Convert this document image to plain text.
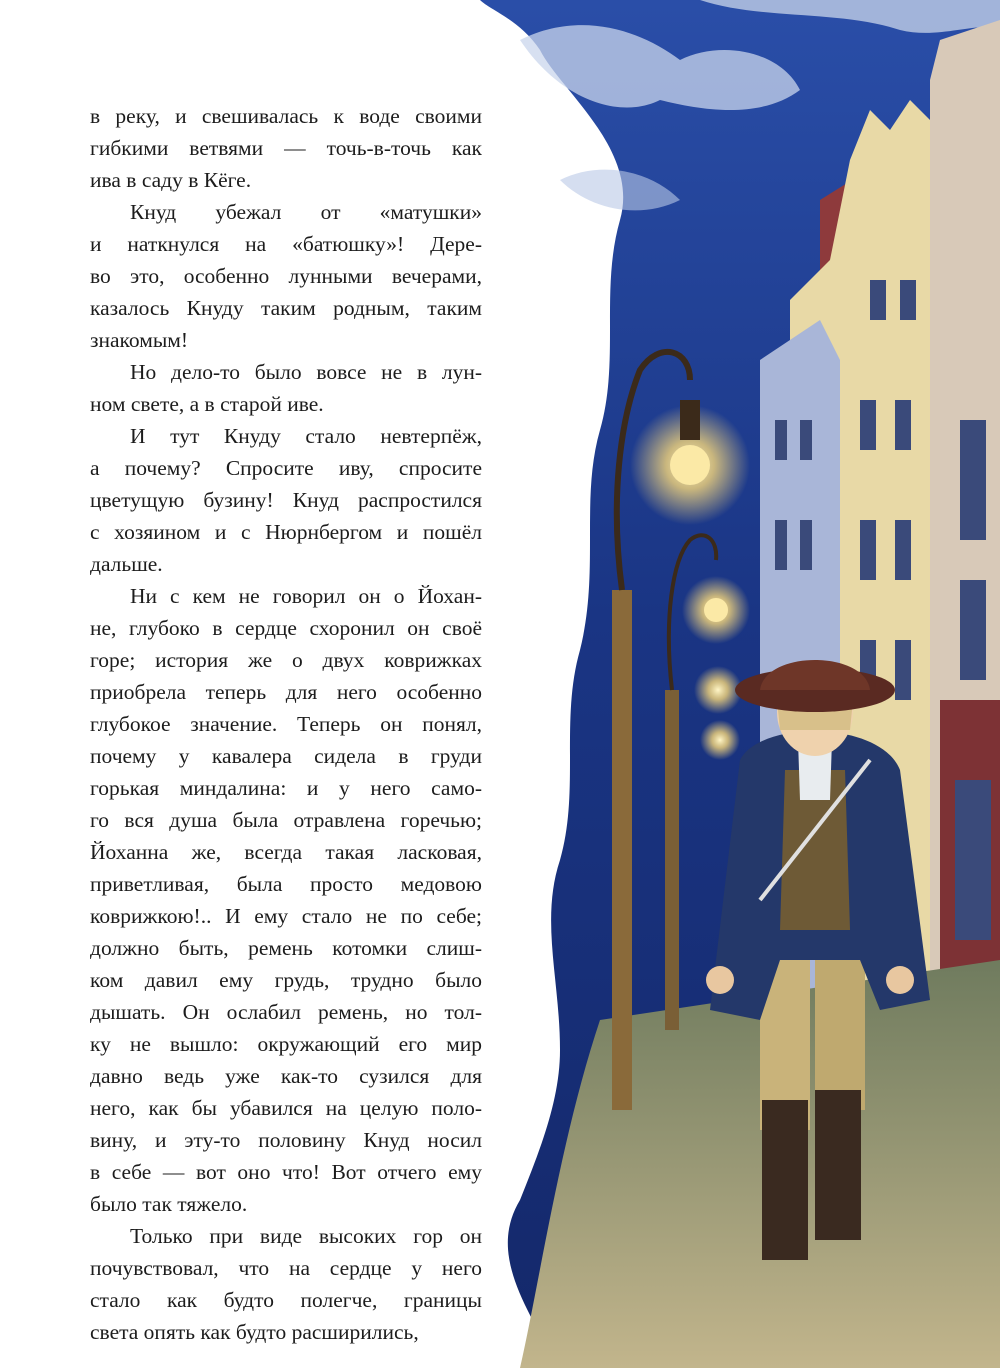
в реку, и свешивалась к воде своими
гибкими ветвями — точь-в-точь как
ива в саду в Кёге.
Кнуд убежал от «матушки»
и наткнулся на «батюшку»! Дере-
во это, особенно лунными вечерами,
казалось Кнуду таким родным, таким
знакомым!
Но дело-то было вовсе не в лун-
ном свете, а в старой иве.
И тут Кнуду стало невтерпёж,
а почему? Спросите иву, спросите
цветущую бузину! Кнуд распростился
с хозяином и с Нюрнбергом и пошёл
дальше.
Ни с кем не говорил он о Йохан-
не, глубоко в сердце схоронил он своё
горе; история же о двух коврижках
приобрела теперь для него особенно
глубокое значение. Теперь он понял,
почему у кавалера сидела в груди
горькая миндалина: и у него само-
го вся душа была отравлена горечью;
Йоханна же, всегда такая ласковая,
приветливая, была просто медовою
коврижкою!.. И ему стало не по себе;
должно быть, ремень котомки слиш-
ком давил ему грудь, трудно было
дышать. Он ослабил ремень, но тол-
ку не вышло: окружающий его мир
давно ведь уже как-то сузился для
него, как бы убавился на целую поло-
вину, и эту-то половину Кнуд носил
в себе — вот оно что! Вот отчего ему
было так тяжело.
Только при виде высоких гор он
почувствовал, что на сердце у него
стало как будто полегче, границы
света опять как будто расширились,
